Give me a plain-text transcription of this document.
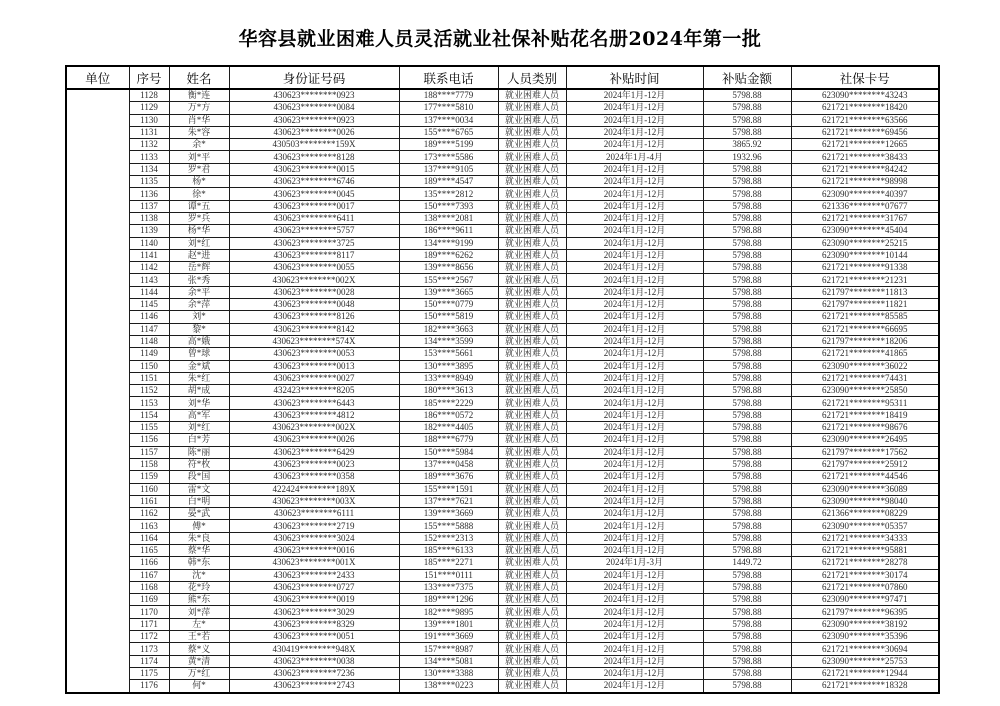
华容县就业困难人员灵活就业社保补贴花名册2024年第一批
单位	序号	姓名	身份证号码	联系电话	人员类别	补贴时间	补贴金额	社保卡号
	1128	衡*连	430623********0923	188****7779	就业困难人员	2024年1月-12月	5798.88	623090********43243
	1129	万*方	430623********0084	177****5810	就业困难人员	2024年1月-12月	5798.88	621721********18420
	1130	肖*华	430623********0923	137****0034	就业困难人员	2024年1月-12月	5798.88	621721********63566
	1131	朱*容	430623********0026	155****6765	就业困难人员	2024年1月-12月	5798.88	621721********69456
	1132	余*	430503********159X	189****5199	就业困难人员	2024年1月-12月	3865.92	621721********12665
	1133	刘*平	430623********8128	173****5586	就业困难人员	2024年1月-4月	1932.96	621721********38433
	1134	罗*君	430623********0015	137****9105	就业困难人员	2024年1月-12月	5798.88	621721********84242
	1135	杨*	430623********6746	189****4547	就业困难人员	2024年1月-12月	5798.88	621721********98998
	1136	徐*	430623********0045	135****2812	就业困难人员	2024年1月-12月	5798.88	623090********40397
	1137	谭*五	430623********0017	150****7393	就业困难人员	2024年1月-12月	5798.88	621336********07677
	1138	罗*兵	430623********6411	138****2081	就业困难人员	2024年1月-12月	5798.88	621721********31767
	1139	杨*华	430623********5757	186****9611	就业困难人员	2024年1月-12月	5798.88	623090********45404
	1140	刘*红	430623********3725	134****9199	就业困难人员	2024年1月-12月	5798.88	623090********25215
	1141	赵*进	430623********8117	189****6262	就业困难人员	2024年1月-12月	5798.88	623090********10144
	1142	岳*辉	430623********0055	139****8656	就业困难人员	2024年1月-12月	5798.88	621721********91338
	1143	张*秀	430623********002X	155****2567	就业困难人员	2024年1月-12月	5798.88	621721********21231
	1144	余*平	430623********0028	139****3665	就业困难人员	2024年1月-12月	5798.88	621797********11813
	1145	余*萍	430623********0048	150****0779	就业困难人员	2024年1月-12月	5798.88	621797********11821
	1146	刘*	430623********8126	150****5819	就业困难人员	2024年1月-12月	5798.88	621721********85585
	1147	黎*	430623********8142	182****3663	就业困难人员	2024年1月-12月	5798.88	621721********66695
	1148	高*娥	430623********574X	134****3599	就业困难人员	2024年1月-12月	5798.88	621797********18206
	1149	曾*球	430623********0053	153****5661	就业困难人员	2024年1月-12月	5798.88	621721********41865
	1150	金*斌	430623********0013	130****3895	就业困难人员	2024年1月-12月	5798.88	623090********36022
	1151	朱*红	430623********0027	133****8949	就业困难人员	2024年1月-12月	5798.88	621721********74431
	1152	胡*成	432423********8205	180****3613	就业困难人员	2024年1月-12月	5798.88	623090********25850
	1153	刘*华	430623********6443	185****2229	就业困难人员	2024年1月-12月	5798.88	621721********95311
	1154	高*军	430623********4812	186****0572	就业困难人员	2024年1月-12月	5798.88	621721********18419
	1155	刘*红	430623********002X	182****4405	就业困难人员	2024年1月-12月	5798.88	621721********98676
	1156	白*芳	430623********0026	188****6779	就业困难人员	2024年1月-12月	5798.88	623090********26495
	1157	陈*丽	430623********6429	150****5984	就业困难人员	2024年1月-12月	5798.88	621797********17562
	1158	符*枚	430623********0023	137****0458	就业困难人员	2024年1月-12月	5798.88	621797********25912
	1159	段*国	430623********0358	189****3676	就业困难人员	2024年1月-12月	5798.88	621721********44546
	1160	雷*文	422424********189X	155****1591	就业困难人员	2024年1月-12月	5798.88	623090********36089
	1161	白*明	430623********003X	137****7621	就业困难人员	2024年1月-12月	5798.88	623090********98040
	1162	晏*武	430623********6111	139****3669	就业困难人员	2024年1月-12月	5798.88	621366********08229
	1163	傅*	430623********2719	155****5888	就业困难人员	2024年1月-12月	5798.88	623090********05357
	1164	朱*良	430623********3024	152****2313	就业困难人员	2024年1月-12月	5798.88	621721********34333
	1165	蔡*华	430623********0016	185****6133	就业困难人员	2024年1月-12月	5798.88	621721********95881
	1166	韩*东	430623********001X	185****2271	就业困难人员	2024年1月-3月	1449.72	621721********28278
	1167	沈*	430623********2433	151****0111	就业困难人员	2024年1月-12月	5798.88	621721********30174
	1168	花*玲	430623********0727	133****7375	就业困难人员	2024年1月-12月	5798.88	621721********07860
	1169	熊*东	430623********0019	189****1296	就业困难人员	2024年1月-12月	5798.88	623090********97471
	1170	刘*萍	430623********3029	182****9895	就业困难人员	2024年1月-12月	5798.88	621797********96395
	1171	左*	430623********8329	139****1801	就业困难人员	2024年1月-12月	5798.88	623090********38192
	1172	王*若	430623********0051	191****3669	就业困难人员	2024年1月-12月	5798.88	623090********35396
	1173	蔡*义	430419********948X	157****8987	就业困难人员	2024年1月-12月	5798.88	621721********30694
	1174	黄*清	430623********0038	134****5081	就业困难人员	2024年1月-12月	5798.88	623090********25753
	1175	万*红	430623********7236	130****3388	就业困难人员	2024年1月-12月	5798.88	621721********12944
	1176	何*	430623********2743	138****0223	就业困难人员	2024年1月-12月	5798.88	621721********18328
